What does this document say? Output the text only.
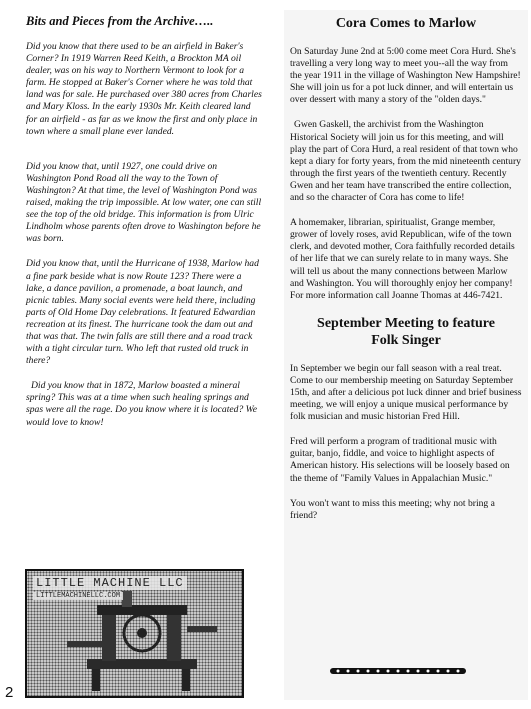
Bits and Pieces from the Archive…..

Did you know that there used to be an airfield in Baker's Corner? In 1919 Warren Reed Keith, a Brockton MA oil dealer, was on his way to Northern Vermont to look for a farm. He stopped at Baker's Corner where he was told that land was for sale. He purchased over 380 acres from Charles and Mary Kloss. In the early 1930s Mr. Keith cleared land for an airfield - as far as we know the first and only place in town where a small plane ever landed.

Did you know that, until 1927, one could drive on Washington Pond Road all the way to the Town of Washington? At that time, the level of Washington Pond was raised, making the trip impossible. At low water, one can still see the top of the old bridge. This information is from Ulric Lindholm whose parents often drove to Washington before he was born.

Did you know that, until the Hurricane of 1938, Marlow had a fine park beside what is now Route 123? There were a lake, a dance pavilion, a promenade, a boat launch, and picnic tables. Many social events were held there, including parts of Old Home Day celebrations. It featured Edwardian recreation at its finest. The hurricane took the dam out and that was that. The twin falls are still there and a road track with a tight circular turn. Who left that rusted old truck in there?

Did you know that in 1872, Marlow boasted a mineral spring? This was at a time when such healing springs and spas were all the rage. Do you know where it is located? We would love to know!

LITTLE MACHINE LLC
LITTLEMACHINELLC.COM
2
Cora Comes to Marlow

On Saturday June 2nd at 5:00 come meet Cora Hurd. She's travelling a very long way to meet you--all the way from the year 1911 in the village of Washington New Hampshire! She will join us for a pot luck dinner, and will entertain us over dessert with many a story of the "olden days."

Gwen Gaskell, the archivist from the Washington Historical Society will join us for this meeting, and will play the part of Cora Hurd, a real resident of that town who kept a diary for forty years, from the mid nineteenth century through the first years of the twentieth century. Recently Gwen and her team have transcribed the entire collection, and so the character of Cora has come to life!

A homemaker, librarian, spiritualist, Grange member, grower of lovely roses, avid Republican, wife of the town clerk, and devoted mother, Cora faithfully recorded details of her life that we can surely relate to in many ways. She will tell us about the many connections between Marlow and Washington. You will thoroughly enjoy her company! For more information call Joanne Thomas at 446-7421.

September Meeting to feature
Folk Singer

In September we begin our fall season with a real treat. Come to our membership meeting on Saturday September 15th, and after a delicious pot luck dinner and brief business meeting, we will enjoy a unique musical performance by folk musician and music historian Fred Hill.

Fred will perform a program of traditional music with guitar, banjo, fiddle, and voice to highlight aspects of American history. His selections will be loosely based on the theme of "Family Values in Appalachian Music."

You won't want to miss this meeting; why not bring a friend?
